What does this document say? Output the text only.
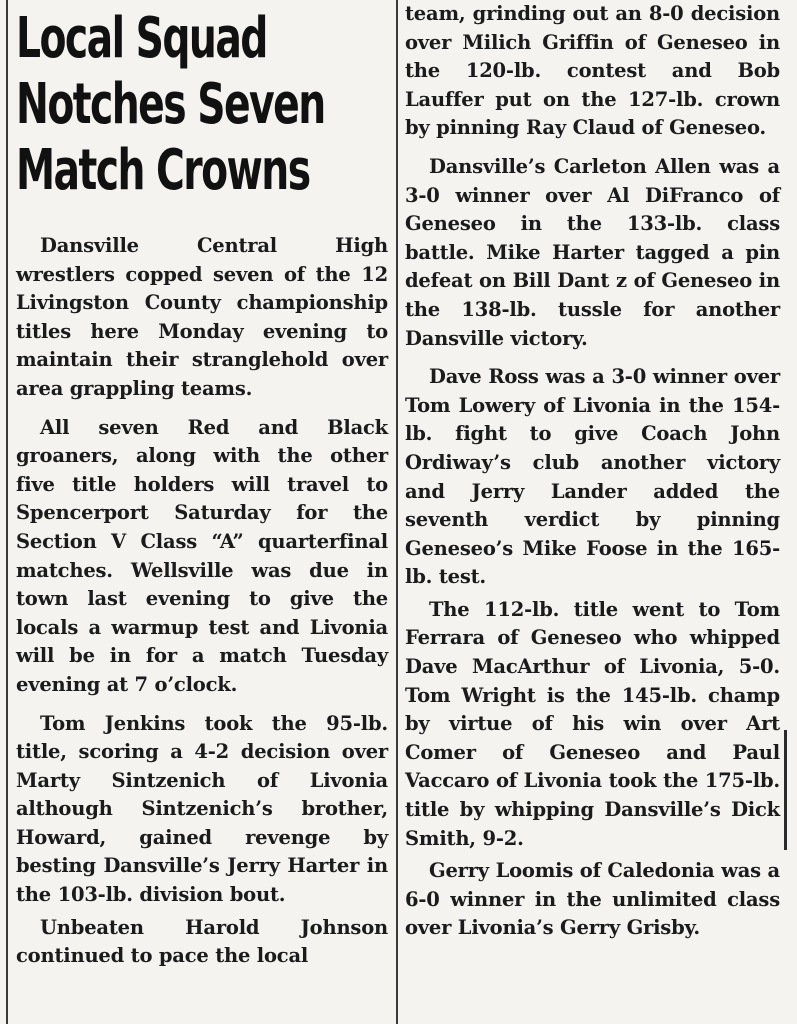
Local Squad
Notches Seven
Match Crowns

Dansville Central High wrestlers copped seven of the 12 Livingston County championship titles here Monday evening to maintain their stranglehold over area grappling teams.

All seven Red and Black groaners, along with the other five title holders will travel to Spencerport Saturday for the Section V Class “A” quarterfinal matches. Wellsville was due in town last evening to give the locals a warmup test and Livonia will be in for a match Tuesday evening at 7 o’clock.

Tom Jenkins took the 95-lb. title, scoring a 4-2 decision over Marty Sintzenich of Livonia although Sintzenich’s brother, Howard, gained revenge by besting Dansville’s Jerry Harter in the 103-lb. division bout.

Unbeaten Harold Johnson continued to pace the local

team, grinding out an 8-0 decision over Milich Griffin of Geneseo in the 120-lb. contest and Bob Lauffer put on the 127-lb. crown by pinning Ray Claud of Geneseo.

Dansville’s Carleton Allen was a 3-0 winner over Al DiFranco of Geneseo in the 133-lb. class battle. Mike Harter tagged a pin defeat on Bill Dant z of Geneseo in the 138-lb. tussle for another Dansville victory.

Dave Ross was a 3-0 winner over Tom Lowery of Livonia in the 154-lb. fight to give Coach John Ordiway’s club another victory and Jerry Lander added the seventh verdict by pinning Geneseo’s Mike Foose in the 165-lb. test.

The 112-lb. title went to Tom Ferrara of Geneseo who whipped Dave MacArthur of Livonia, 5-0. Tom Wright is the 145-lb. champ by virtue of his win over Art Comer of Geneseo and Paul Vaccaro of Livonia took the 175-lb. title by whipping Dansville’s Dick Smith, 9-2.

Gerry Loomis of Caledonia was a 6-0 winner in the unlimited class over Livonia’s Gerry Grisby.
